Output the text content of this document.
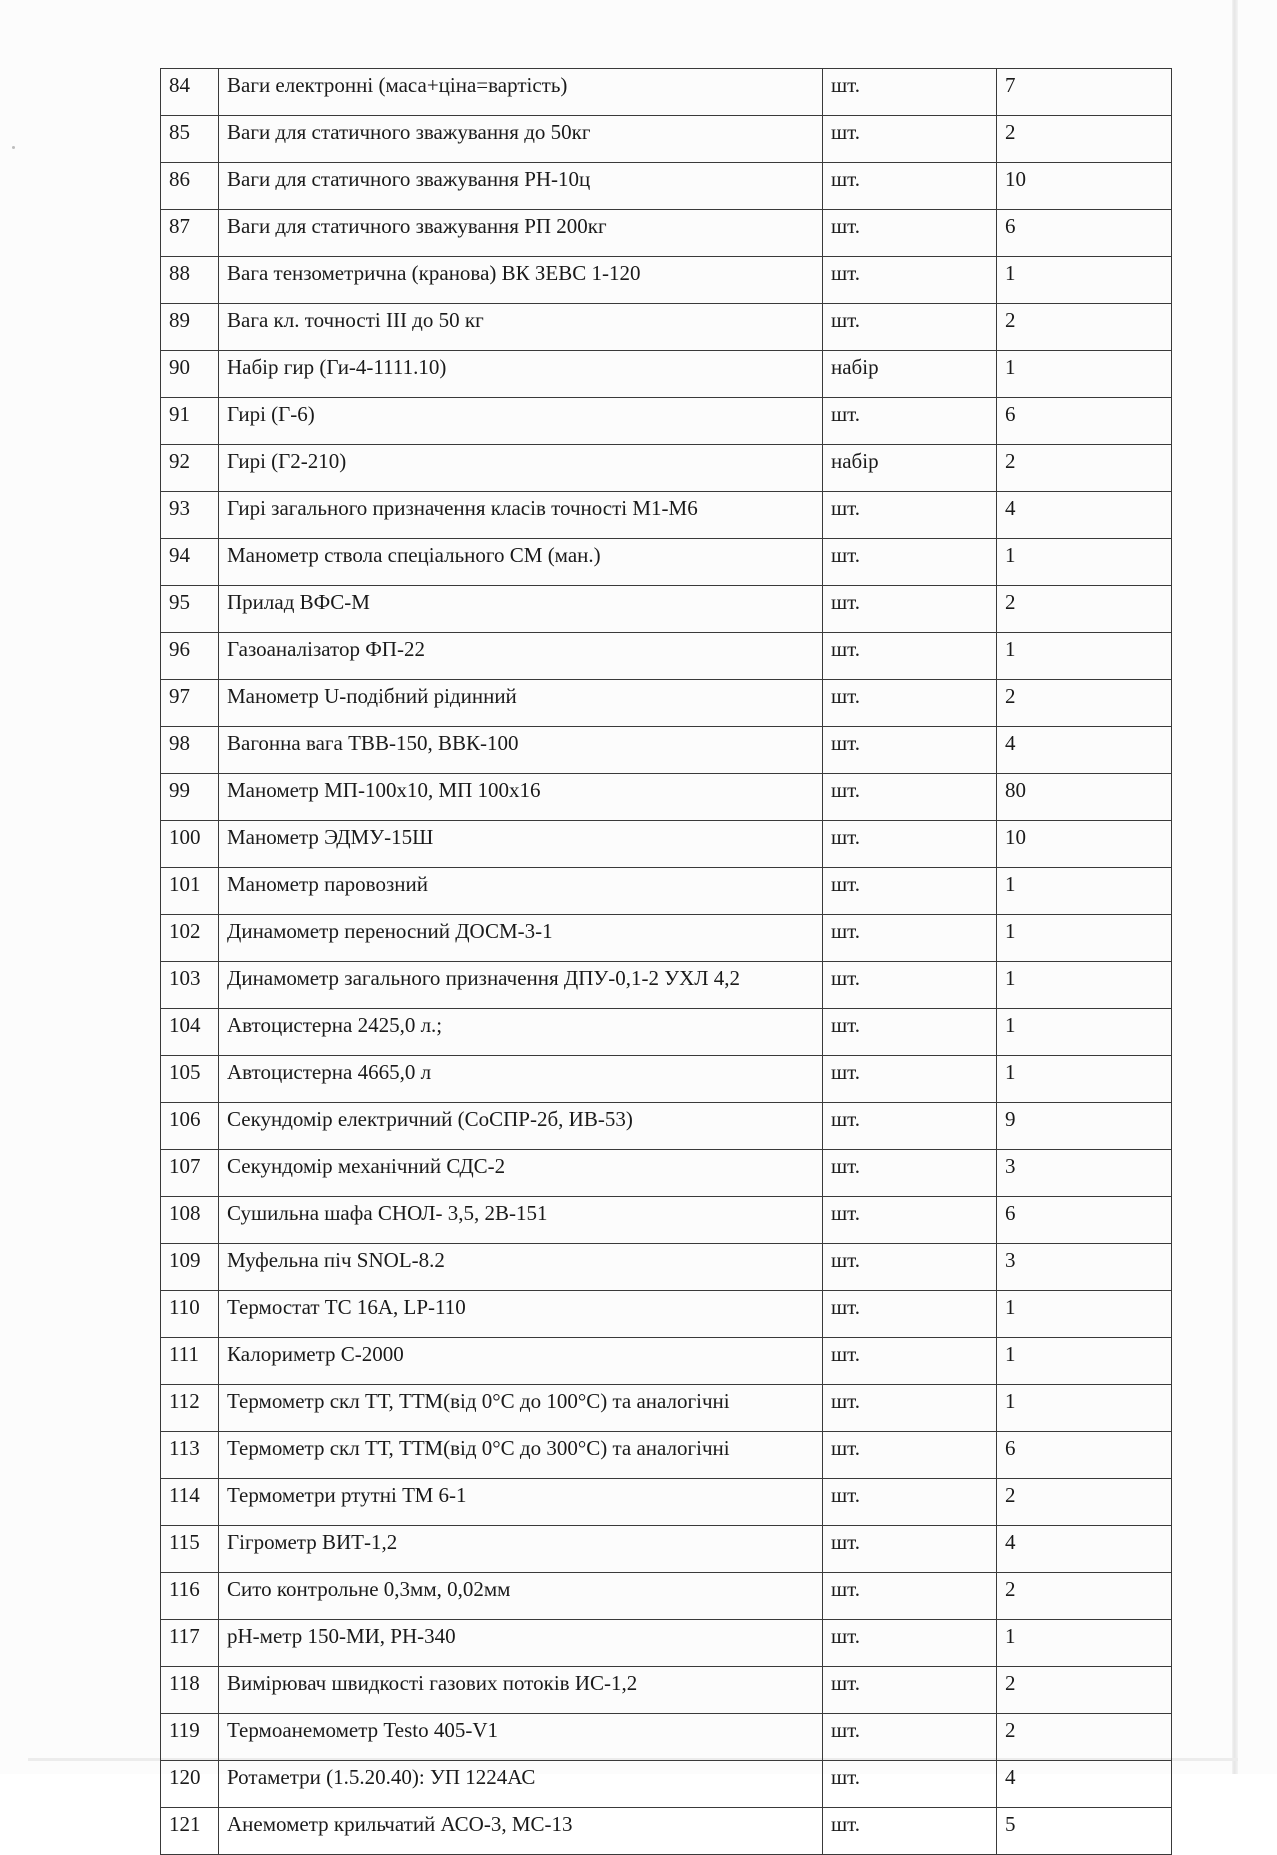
84	Ваги електронні (маса+ціна=вартість)	шт.	7
85	Ваги для статичного зважування до 50кг	шт.	2
86	Ваги для статичного зважування РН-10ц	шт.	10
87	Ваги для статичного зважування РП 200кг	шт.	6
88	Вага тензометрична (кранова) ВК ЗЕВС 1-120	шт.	1
89	Вага кл. точності ІІІ до 50 кг	шт.	2
90	Набір гир (Ги-4-1111.10)	набір	1
91	Гирі (Г-6)	шт.	6
92	Гирі (Г2-210)	набір	2
93	Гирі загального призначення класів точності М1-М6	шт.	4
94	Манометр ствола спеціального СМ (ман.)	шт.	1
95	Прилад ВФС-М	шт.	2
96	Газоаналізатор ФП-22	шт.	1
97	Манометр U-подібний рідинний	шт.	2
98	Вагонна вага ТВВ-150, ВВК-100	шт.	4
99	Манометр МП-100х10, МП 100х16	шт.	80
100	Манометр ЭДМУ-15Ш	шт.	10
101	Манометр паровозний	шт.	1
102	Динамометр переносний ДОСМ-3-1	шт.	1
103	Динамометр загального призначення ДПУ-0,1-2 УХЛ 4,2	шт.	1
104	Автоцистерна 2425,0 л.;	шт.	1
105	Автоцистерна 4665,0 л	шт.	1
106	Секундомір електричний (СоСПР-2б, ИВ-53)	шт.	9
107	Секундомір механічний СДС-2	шт.	3
108	Сушильна шафа СНОЛ- 3,5, 2В-151	шт.	6
109	Муфельна піч SNOL-8.2	шт.	3
110	Термостат ТС 16А, LP-110	шт.	1
111	Калориметр С-2000	шт.	1
112	Термометр скл ТТ, ТТМ(від 0°С до 100°С) та аналогічні	шт.	1
113	Термометр скл ТТ, ТТМ(від 0°С до 300°С) та аналогічні	шт.	6
114	Термометри ртутні ТМ 6-1	шт.	2
115	Гігрометр ВИТ-1,2	шт.	4
116	Сито контрольне 0,3мм, 0,02мм	шт.	2
117	рН-метр 150-МИ, РН-340	шт.	1
118	Вимірювач швидкості газових потоків ИС-1,2	шт.	2
119	Термоанемометр Testo 405-V1	шт.	2
120	Ротаметри (1.5.20.40): УП 1224АС	шт.	4
121	Анемометр крильчатий АСО-3, МС-13	шт.	5
